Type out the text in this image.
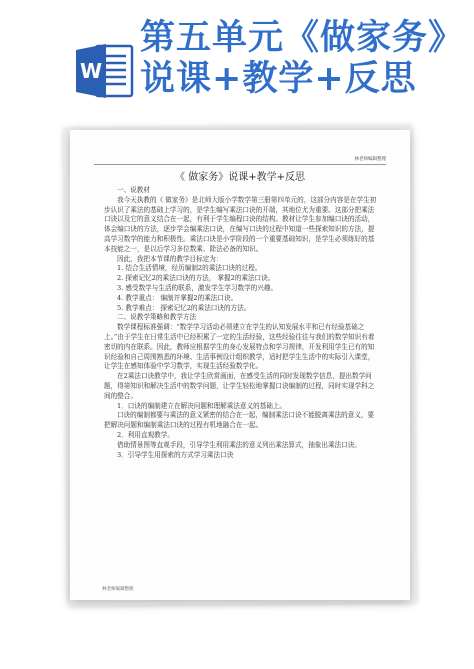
W
第五单元《做家务》说课+教学+反思
林老师编辑整理
《 做家务》说课+教学+反思

一、说教材

我今天执教的《 做家务》是北师大版小学数学第三册第四单元的，这部分内容是在学生初步认识了乘法的基础上学习的，是学生编写乘法口诀的开端，其地位尤为重要。这部分把乘法口诀以及它的意义结合在一起，有利于学生编程口诀的结构。教材让学生参加编口诀的活动，体会编口诀的方法，逐步学会编乘法口诀，在编写口诀的过程中知道一些探索知识的方法，提高学习数学的能力和积极性。乘法口诀是小学阶段的一个重要基础知识，是学生必须练好的基本技能之一，是以后学习多位数乘、除法必备的知识。

因此，我把本节课的教学目标定为：

1. 结合生活情境，经历编制2的乘法口诀的过程。

2. 探索记忆2的乘法口诀的方法， 掌握2的乘法口诀。

3. 感受数学与生活的联系，激发学生学习数学的兴趣。

4. 教学重点： 编制并掌握2的乘法口诀。

5. 教学难点： 探索记忆2的乘法口诀的方法。

二、说教学策略和教学方法

数学课程标准强调：“数学学习活动必须建立在学生的认知发展水平和已有经验基础之上。”由于学生在日常生活中已经积累了一定的生活经验，这些经验往往与我们的数学知识有着密切的内在联系。因此，教师应根据学生的身心发展特点和学习规律，开发利用学生已有的知识经验和自己周围熟悉的环境、生活事例设计组织教学，适时把学生生活中的实际引入课堂，让学生在感知体验中学习数学，实现生活经验数学化。

在2乘法口诀教学中，我让学生欣赏画面，在感受生活的同时发现数学信息，提出数学问题，得第知识和解决生活中的数学问题，让学生轻松地掌握口诀编制的过程，同时实现学科之间的整合。

1．口诀的编制建立在解决问题和理解乘法意义的基础上。

口诀的编制都要与乘法的意义紧密的结合在一起，编制乘法口诀不能脱离乘法的意义，要把解决问题和编制乘法口诀的过程有机地融合在一起。

2．利用直观教学。

借助情景图等直观手段，引导学生利用乘法的意义列出乘法算式，抽象出乘法口诀。

3．引导学生用探索的方式学习乘法口诀

林老师编辑整理
